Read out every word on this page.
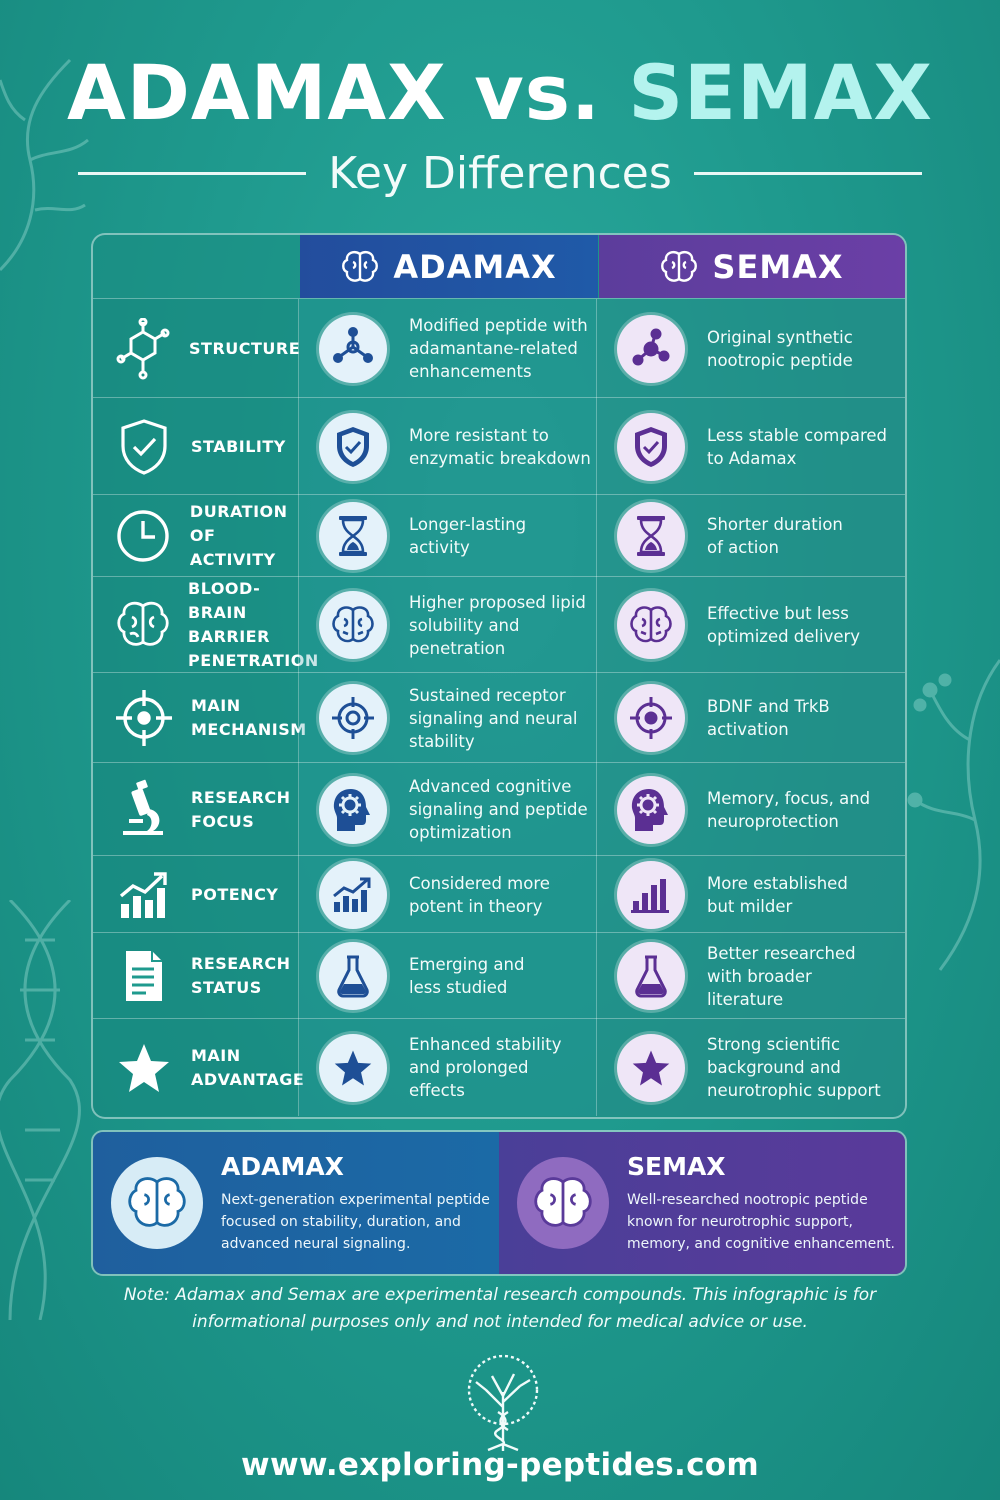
ADAMAX vs. SEMAX
Key Differences
ADAMAX	SEMAX
STRUCTURE
Modified peptide with adamantane-related enhancements
Original synthetic nootropic peptide
STABILITY
More resistant to enzymatic breakdown
Less stable compared to Adamax
DURATION OF ACTIVITY
Longer-lasting activity
Shorter duration of action
BLOOD-BRAIN BARRIER PENETRATION
Higher proposed lipid solubility and penetration
Effective but less optimized delivery
MAIN MECHANISM
Sustained receptor signaling and neural stability
BDNF and TrkB activation
RESEARCH FOCUS
Advanced cognitive signaling and peptide optimization
Memory, focus, and neuroprotection
POTENCY
Considered more potent in theory
More established but milder
RESEARCH STATUS
Emerging and less studied
Better researched with broader literature
MAIN ADVANTAGE
Enhanced stability and prolonged effects
Strong scientific background and neurotrophic support
ADAMAX
Next-generation experimental peptide focused on stability, duration, and advanced neural signaling.
SEMAX
Well-researched nootropic peptide known for neurotrophic support, memory, and cognitive enhancement.
Note: Adamax and Semax are experimental research compounds. This infographic is for informational purposes only and not intended for medical advice or use.
www.exploring-peptides.com
